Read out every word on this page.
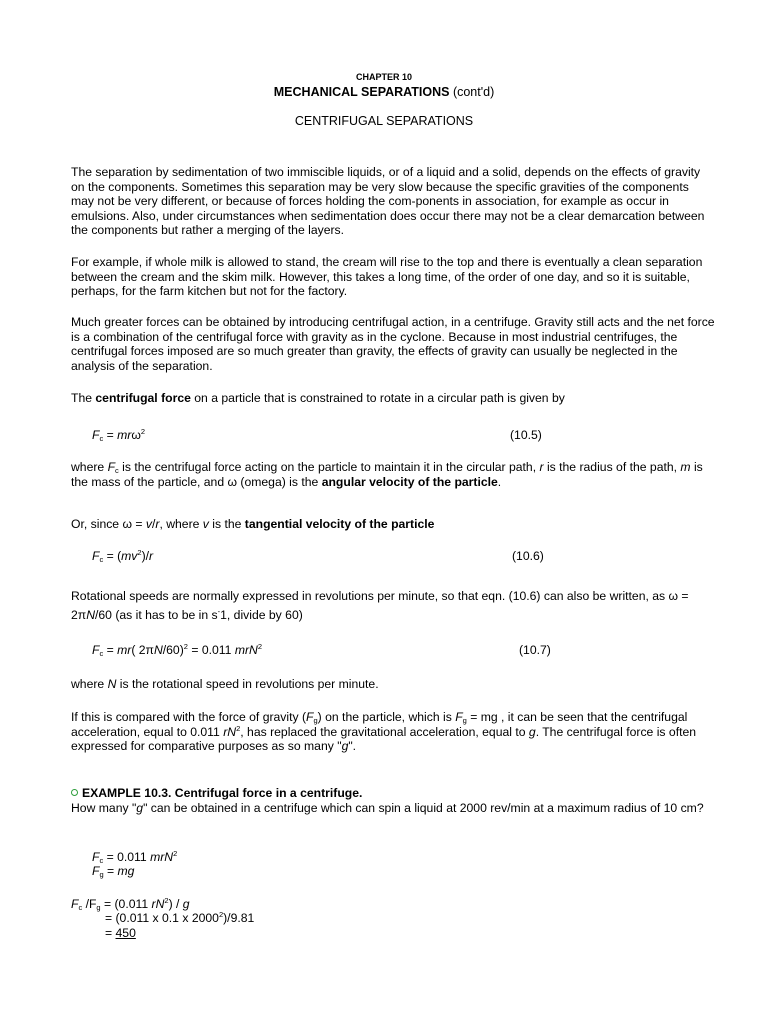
CHAPTER 10
MECHANICAL SEPARATIONS (cont'd)
CENTRIFUGAL SEPARATIONS

The separation by sedimentation of two immiscible liquids, or of a liquid and a solid, depends on the effects of gravity on the components. Sometimes this separation may be very slow because the specific gravities of the components may not be very different, or because of forces holding the com-ponents in association, for example as occur in emulsions. Also, under circumstances when sedimentation does occur there may not be a clear demarcation between the components but rather a merging of the layers.

For example, if whole milk is allowed to stand, the cream will rise to the top and there is eventually a clean separation between the cream and the skim milk. However, this takes a long time, of the order of one day, and so it is suitable, perhaps, for the farm kitchen but not for the factory.

Much greater forces can be obtained by introducing centrifugal action, in a centrifuge. Gravity still acts and the net force is a combination of the centrifugal force with gravity as in the cyclone. Because in most industrial centrifuges, the centrifugal forces imposed are so much greater than gravity, the effects of gravity can usually be neglected in the analysis of the separation.

The centrifugal force on a particle that is constrained to rotate in a circular path is given by

$F_c = mr\omega^2$	(10.5)

where $F_c$ is the centrifugal force acting on the particle to maintain it in the circular path, r is the radius of the path, m is the mass of the particle, and ω (omega) is the angular velocity of the particle.

Or, since ω = v/r, where v is the tangential velocity of the particle

$F_c = (mv^2)/r$	(10.6)

Rotational speeds are normally expressed in revolutions per minute, so that eqn. (10.6) can also be written, as ω = 2πN/60 (as it has to be in s-1, divide by 60)

$F_c = mr$( 2πN/60)$^2$ = 0.011 mrN$^2$	(10.7)

where N is the rotational speed in revolutions per minute.

If this is compared with the force of gravity $(F_g)$ on the particle, which is $F_g$ = mg , it can be seen that the centrifugal acceleration, equal to 0.011 $rN^2$, has replaced the gravitational acceleration, equal to g. The centrifugal force is often expressed for comparative purposes as so many "g".

EXAMPLE 10.3. Centrifugal force in a centrifuge.

How many "g" can be obtained in a centrifuge which can spin a liquid at 2000 rev/min at a maximum radius of 10 cm?

$F_c = 0.011$ mrN$^2$
$F_g$ = mg
$F_c$ $/F_g = (0.011$ $rN^2$) / g
= (0.011 x 0.1 x $2000^2)/9.81$
= 450
